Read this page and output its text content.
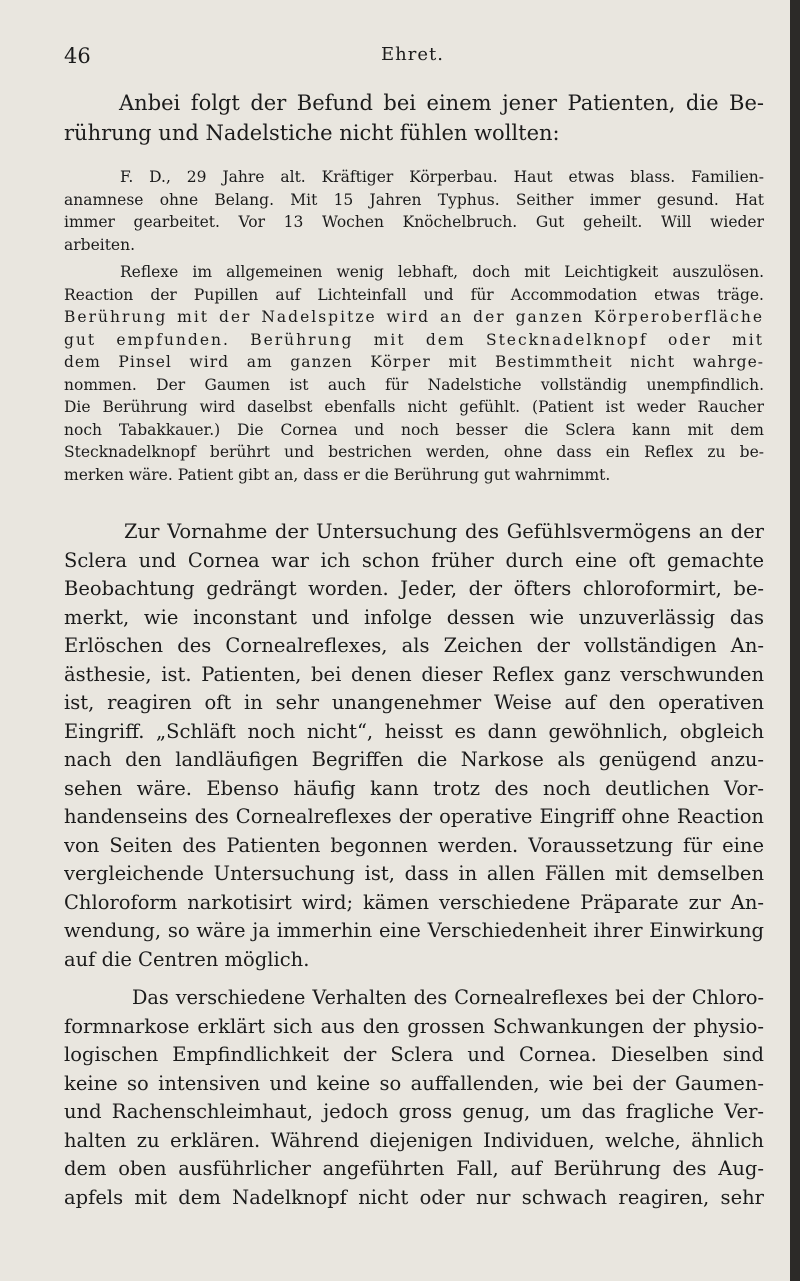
46	Ehret.
Anbei folgt der Befund bei einem jener Patienten, die Be-
rührung und Nadelstiche nicht fühlen wollten:
F. D., 29 Jahre alt. Kräftiger Körperbau. Haut etwas blass. Familien-
anamnese ohne Belang. Mit 15 Jahren Typhus. Seither immer gesund. Hat
immer gearbeitet. Vor 13 Wochen Knöchelbruch. Gut geheilt. Will wieder
arbeiten.
Reflexe im allgemeinen wenig lebhaft, doch mit Leichtigkeit auszulösen.
Reaction der Pupillen auf Lichteinfall und für Accommodation etwas träge.
Berührung mit der Nadelspitze wird an der ganzen Körperoberfläche
gut empfunden. Berührung mit dem Stecknadelknopf oder mit
dem Pinsel wird am ganzen Körper mit Bestimmtheit nicht wahrge-
nommen. Der Gaumen ist auch für Nadelstiche vollständig unempfindlich.
Die Berührung wird daselbst ebenfalls nicht gefühlt. (Patient ist weder Raucher
noch Tabakkauer.) Die Cornea und noch besser die Sclera kann mit dem
Stecknadelknopf berührt und bestrichen werden, ohne dass ein Reflex zu be-
merken wäre. Patient gibt an, dass er die Berührung gut wahrnimmt.
Zur Vornahme der Untersuchung des Gefühlsvermögens an der
Sclera und Cornea war ich schon früher durch eine oft gemachte
Beobachtung gedrängt worden. Jeder, der öfters chloroformirt, be-
merkt, wie inconstant und infolge dessen wie unzuverlässig das
Erlöschen des Cornealreflexes, als Zeichen der vollständigen An-
ästhesie, ist. Patienten, bei denen dieser Reflex ganz verschwunden
ist, reagiren oft in sehr unangenehmer Weise auf den operativen
Eingriff. „Schläft noch nicht“, heisst es dann gewöhnlich, obgleich
nach den landläufigen Begriffen die Narkose als genügend anzu-
sehen wäre. Ebenso häufig kann trotz des noch deutlichen Vor-
handenseins des Cornealreflexes der operative Eingriff ohne Reaction
von Seiten des Patienten begonnen werden. Voraussetzung für eine
vergleichende Untersuchung ist, dass in allen Fällen mit demselben
Chloroform narkotisirt wird; kämen verschiedene Präparate zur An-
wendung, so wäre ja immerhin eine Verschiedenheit ihrer Einwirkung
auf die Centren möglich.
Das verschiedene Verhalten des Cornealreflexes bei der Chloro-
formnarkose erklärt sich aus den grossen Schwankungen der physio-
logischen Empfindlichkeit der Sclera und Cornea. Dieselben sind
keine so intensiven und keine so auffallenden, wie bei der Gaumen-
und Rachenschleimhaut, jedoch gross genug, um das fragliche Ver-
halten zu erklären. Während diejenigen Individuen, welche, ähnlich
dem oben ausführlicher angeführten Fall, auf Berührung des Aug-
apfels mit dem Nadelknopf nicht oder nur schwach reagiren, sehr
